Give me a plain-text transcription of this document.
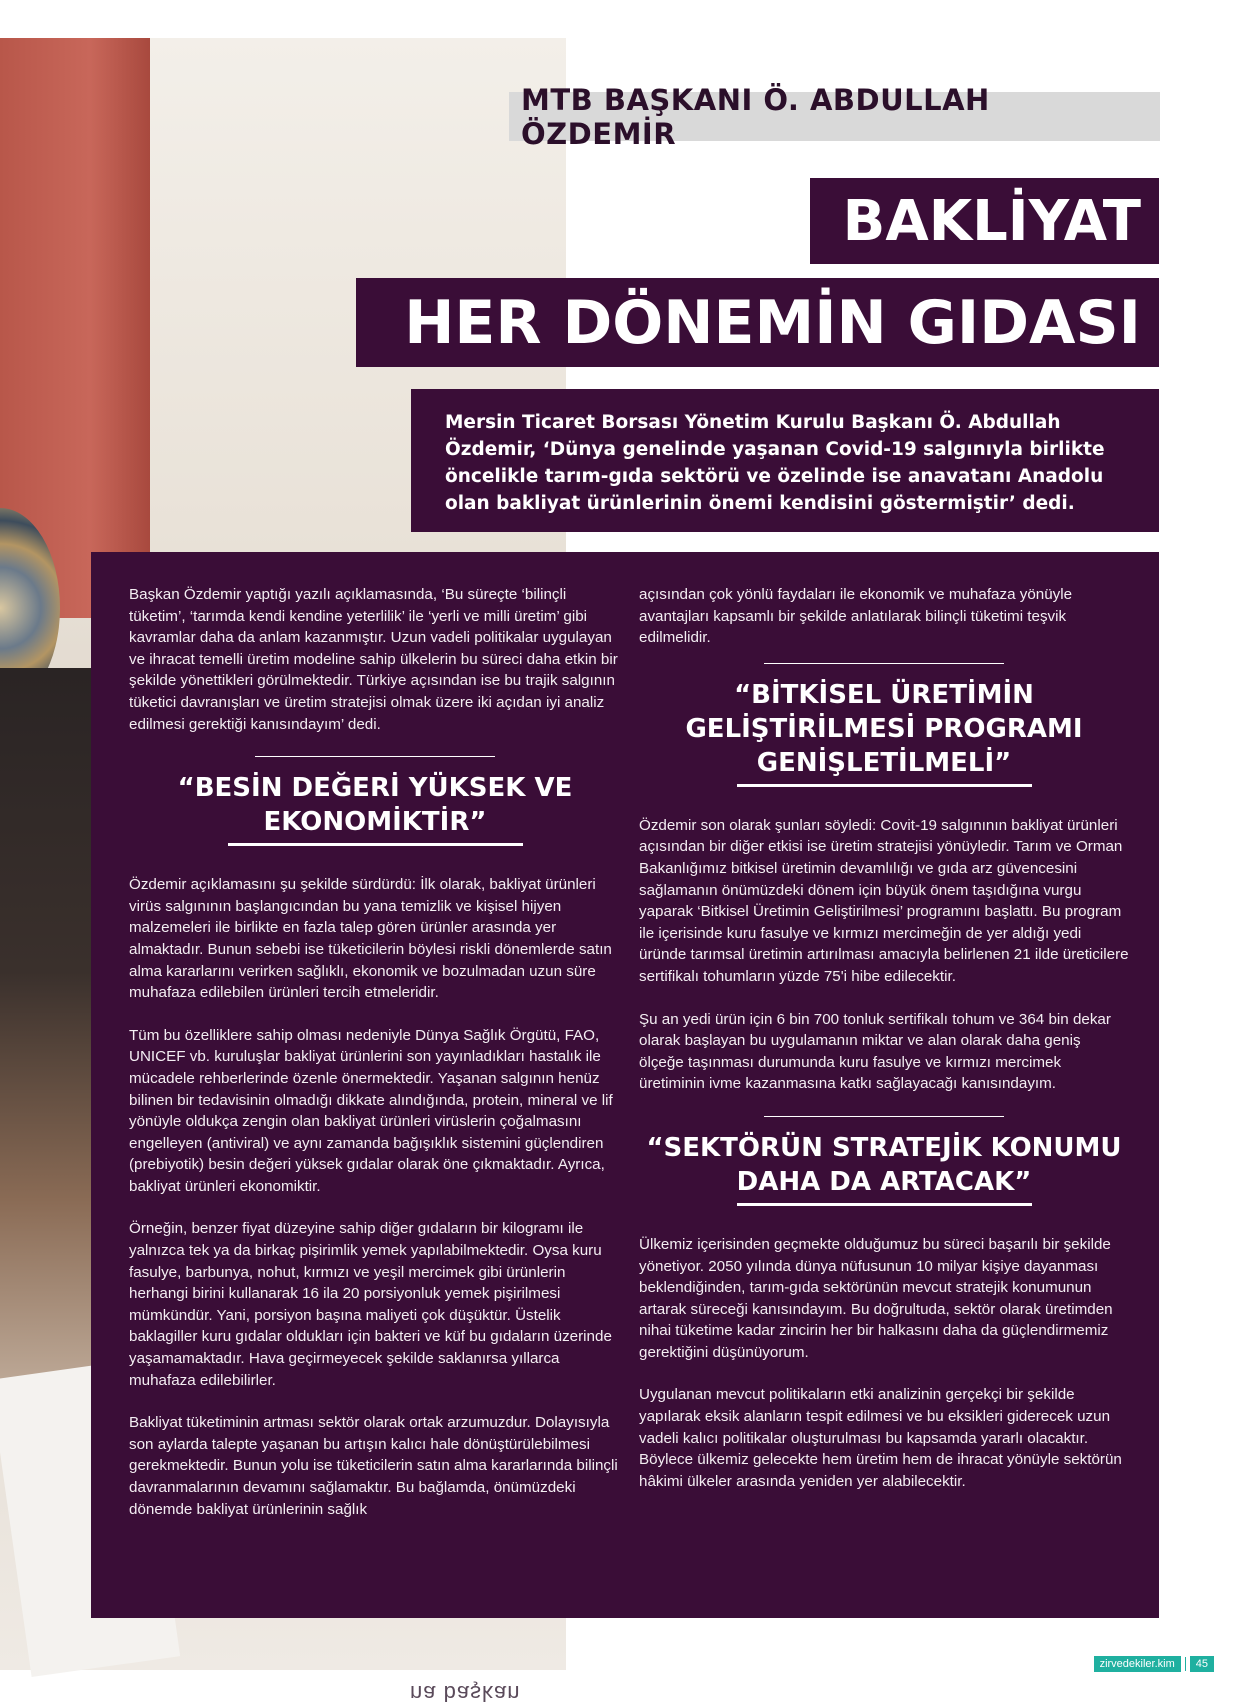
na başkan
MTB BAŞKANI Ö. ABDULLAH ÖZDEMİR
BAKLİYAT
HER DÖNEMİN GIDASI
Mersin Ticaret Borsası Yönetim Kurulu Başkanı Ö. Abdullah Özdemir, ‘Dünya genelinde yaşanan Covid-19 salgınıyla birlikte öncelikle tarım-gıda sektörü ve özelinde ise anavatanı Anadolu olan bakliyat ürünlerinin önemi kendisini göstermiştir’ dedi.

Başkan Özdemir yaptığı yazılı açıklamasında, ‘Bu süreçte ‘bilinçli tüketim’, ‘tarımda kendi kendine yeterlilik’ ile ‘yerli ve milli üretim’ gibi kavramlar daha da anlam kazanmıştır. Uzun vadeli politikalar uygulayan ve ihracat temelli üretim modeline sahip ülkelerin bu süreci daha etkin bir şekilde yönettikleri görülmektedir. Türkiye açısından ise bu trajik salgının tüketici davranışları ve üretim stratejisi olmak üzere iki açıdan iyi analiz edilmesi gerektiği kanısındayım’ dedi.

“BESİN DEĞERİ YÜKSEK VE EKONOMİKTİR”

Özdemir açıklamasını şu şekilde sürdürdü: İlk olarak, bakliyat ürünleri virüs salgınının başlangıcından bu yana temizlik ve kişisel hijyen malzemeleri ile birlikte en fazla talep gören ürünler arasında yer almaktadır. Bunun sebebi ise tüketicilerin böylesi riskli dönemlerde satın alma kararlarını verirken sağlıklı, ekonomik ve bozulmadan uzun süre muhafaza edilebilen ürünleri tercih etmeleridir.

Tüm bu özelliklere sahip olması nedeniyle Dünya Sağlık Örgütü, FAO, UNICEF vb. kuruluşlar bakliyat ürünlerini son yayınladıkları hastalık ile mücadele rehberlerinde özenle önermektedir. Yaşanan salgının henüz bilinen bir tedavisinin olmadığı dikkate alındığında, protein, mineral ve lif yönüyle oldukça zengin olan bakliyat ürünleri virüslerin çoğalmasını engelleyen (antiviral) ve aynı zamanda bağışıklık sistemini güçlendiren (prebiyotik) besin değeri yüksek gıdalar olarak öne çıkmaktadır. Ayrıca, bakliyat ürünleri ekonomiktir.

Örneğin, benzer fiyat düzeyine sahip diğer gıdaların bir kilogramı ile yalnızca tek ya da birkaç pişirimlik yemek yapılabilmektedir. Oysa kuru fasulye, barbunya, nohut, kırmızı ve yeşil mercimek gibi ürünlerin herhangi birini kullanarak 16 ila 20 porsiyonluk yemek pişirilmesi mümkündür. Yani, porsiyon başına maliyeti çok düşüktür. Üstelik baklagiller kuru gıdalar oldukları için bakteri ve küf bu gıdaların üzerinde yaşamamaktadır. Hava geçirmeyecek şekilde saklanırsa yıllarca muhafaza edilebilirler.

Bakliyat tüketiminin artması sektör olarak ortak arzumuzdur. Dolayısıyla son aylarda talepte yaşanan bu artışın kalıcı hale dönüştürülebilmesi gerekmektedir. Bunun yolu ise tüketicilerin satın alma kararlarında bilinçli davranmalarının devamını sağlamaktır. Bu bağlamda, önümüzdeki dönemde bakliyat ürünlerinin sağlık

açısından çok yönlü faydaları ile ekonomik ve muhafaza yönüyle avantajları kapsamlı bir şekilde anlatılarak bilinçli tüketimi teşvik edilmelidir.

“BİTKİSEL ÜRETİMİN GELİŞTİRİLMESİ PROGRAMI GENİŞLETİLMELİ”

Özdemir son olarak şunları söyledi: Covit-19 salgınının bakliyat ürünleri açısından bir diğer etkisi ise üretim stratejisi yönüyledir. Tarım ve Orman Bakanlığımız bitkisel üretimin devamlılığı ve gıda arz güvencesini sağlamanın önümüzdeki dönem için büyük önem taşıdığına vurgu yaparak ‘Bitkisel Üretimin Geliştirilmesi’ programını başlattı. Bu program ile içerisinde kuru fasulye ve kırmızı mercimeğin de yer aldığı yedi üründe tarımsal üretimin artırılması amacıyla belirlenen 21 ilde üreticilere sertifikalı tohumların yüzde 75'i hibe edilecektir.

Şu an yedi ürün için 6 bin 700 tonluk sertifikalı tohum ve 364 bin dekar olarak başlayan bu uygulamanın miktar ve alan olarak daha geniş ölçeğe taşınması durumunda kuru fasulye ve kırmızı mercimek üretiminin ivme kazanmasına katkı sağlayacağı kanısındayım.

“SEKTÖRÜN STRATEJİK KONUMU DAHA DA ARTACAK”

Ülkemiz içerisinden geçmekte olduğumuz bu süreci başarılı bir şekilde yönetiyor. 2050 yılında dünya nüfusunun 10 milyar kişiye dayanması beklendiğinden, tarım-gıda sektörünün mevcut stratejik konumunun artarak süreceği kanısındayım. Bu doğrultuda, sektör olarak üretimden nihai tüketime kadar zincirin her bir halkasını daha da güçlendirmemiz gerektiğini düşünüyorum.

Uygulanan mevcut politikaların etki analizinin gerçekçi bir şekilde yapılarak eksik alanların tespit edilmesi ve bu eksikleri giderecek uzun vadeli kalıcı politikalar oluşturulması bu kapsamda yararlı olacaktır. Böylece ülkemiz gelecekte hem üretim hem de ihracat yönüyle sektörün hâkimi ülkeler arasında yeniden yer alabilecektir.

zirvedekiler.kim	45
